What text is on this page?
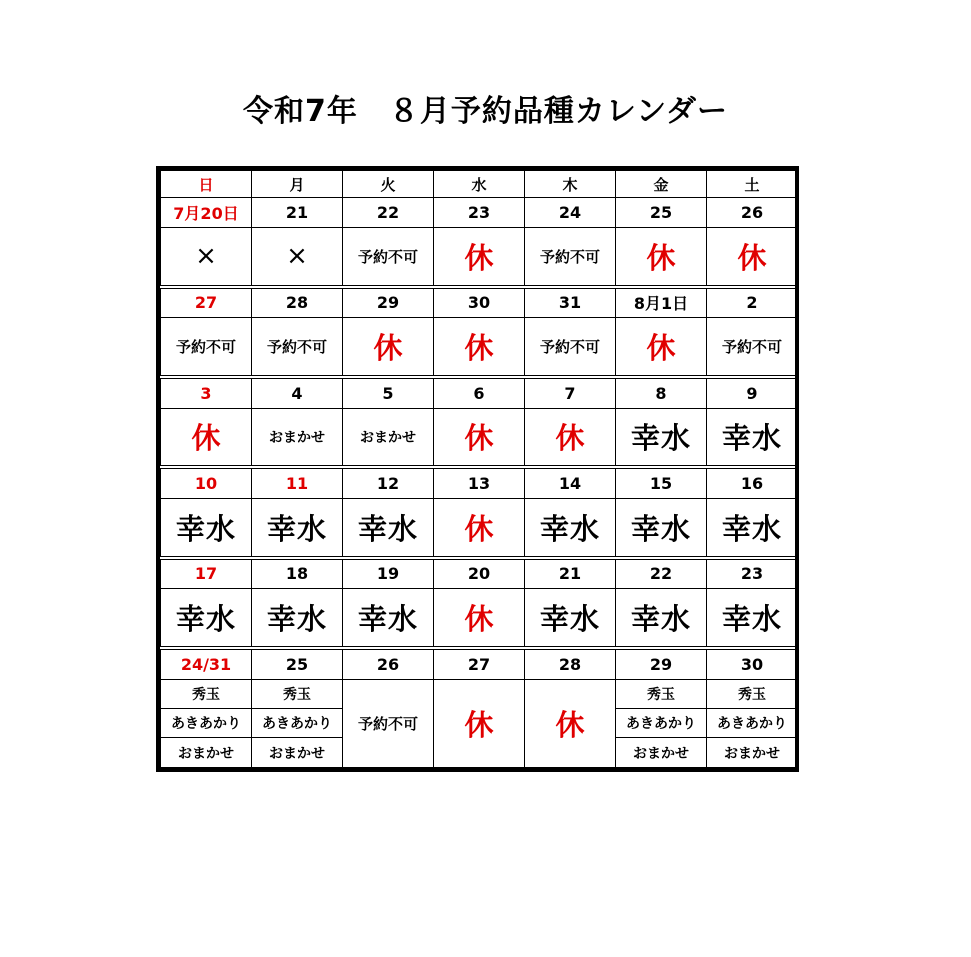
令和7年　８月予約品種カレンダー
日	月	火	水	木	金	土
7月20日	21	22	23	24	25	26
×	×	予約不可	休	予約不可	休	休
27	28	29	30	31	8月1日	2
予約不可	予約不可	休	休	予約不可	休	予約不可
3	4	5	6	7	8	9
休	おまかせ	おまかせ	休	休	幸水	幸水
10	11	12	13	14	15	16
幸水	幸水	幸水	休	幸水	幸水	幸水
17	18	19	20	21	22	23
幸水	幸水	幸水	休	幸水	幸水	幸水
24/31	25	26	27	28	29	30
秀玉	秀玉	予約不可	休	休	秀玉	秀玉
あきあかり	あきあかり				あきあかり	あきあかり
おまかせ	おまかせ				おまかせ	おまかせ
